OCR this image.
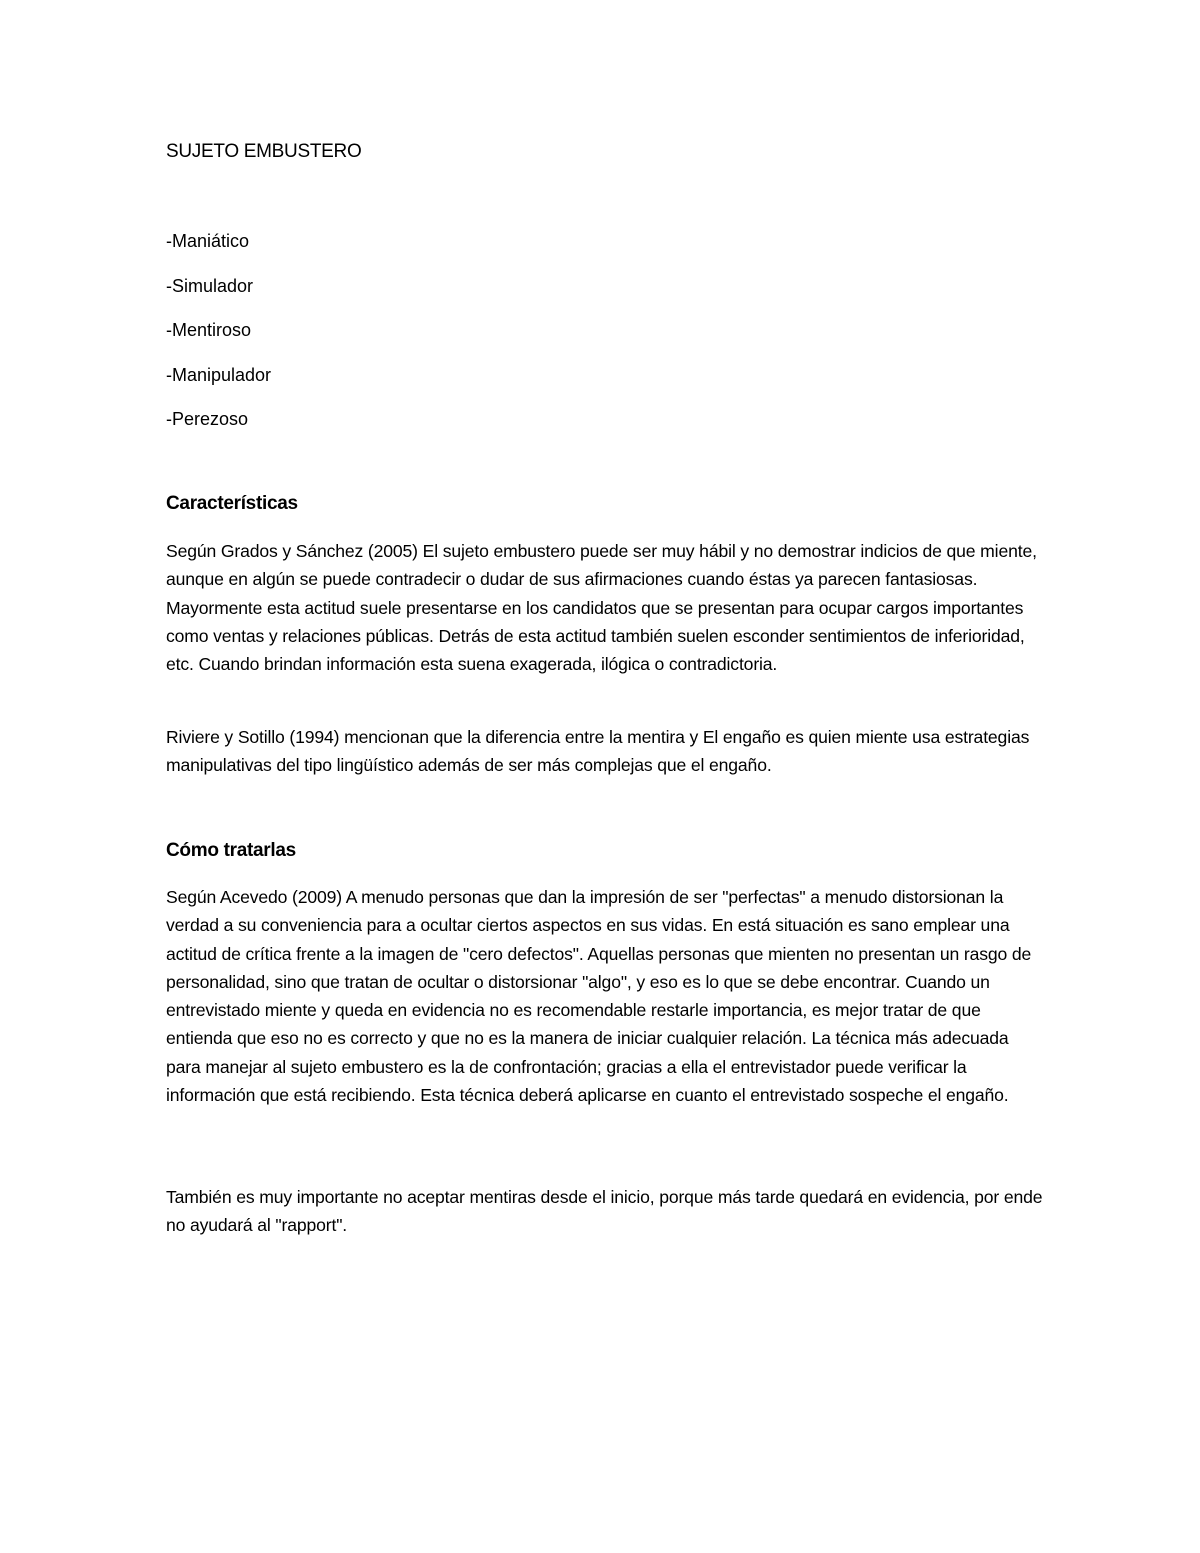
SUJETO EMBUSTERO
-Maniático
-Simulador
-Mentiroso
-Manipulador
-Perezoso
Características

Según Grados y Sánchez (2005) El sujeto embustero puede ser muy hábil y no demostrar indicios de que miente, aunque en algún se puede contradecir o dudar de sus afirmaciones cuando éstas ya parecen fantasiosas. Mayormente esta actitud suele presentarse en los candidatos que se presentan para ocupar cargos importantes como ventas y relaciones públicas. Detrás de esta actitud también suelen esconder sentimientos de inferioridad, etc. Cuando brindan información esta suena exagerada, ilógica o contradictoria.

Riviere y Sotillo (1994) mencionan que la diferencia entre la mentira y El engaño es quien miente usa estrategias manipulativas del tipo lingüístico además de ser más complejas que el engaño.

Cómo tratarlas

Según Acevedo (2009) A menudo personas que dan la impresión de ser "perfectas" a menudo distorsionan la verdad a su conveniencia para a ocultar ciertos aspectos en sus vidas. En está situación es sano emplear una actitud de crítica frente a la imagen de "cero defectos". Aquellas personas que mienten no presentan un rasgo de personalidad, sino que tratan de ocultar o distorsionar "algo", y eso es lo que se debe encontrar. Cuando un entrevistado miente y queda en evidencia no es recomendable restarle importancia, es mejor tratar de que entienda que eso no es correcto y que no es la manera de iniciar cualquier relación. La técnica más adecuada para manejar al sujeto embustero es la de confrontación; gracias a ella el entrevistador puede verificar la información que está recibiendo. Esta técnica deberá aplicarse en cuanto el entrevistado sospeche el engaño.

También es muy importante no aceptar mentiras desde el inicio, porque más tarde quedará en evidencia, por ende no ayudará al "rapport".
